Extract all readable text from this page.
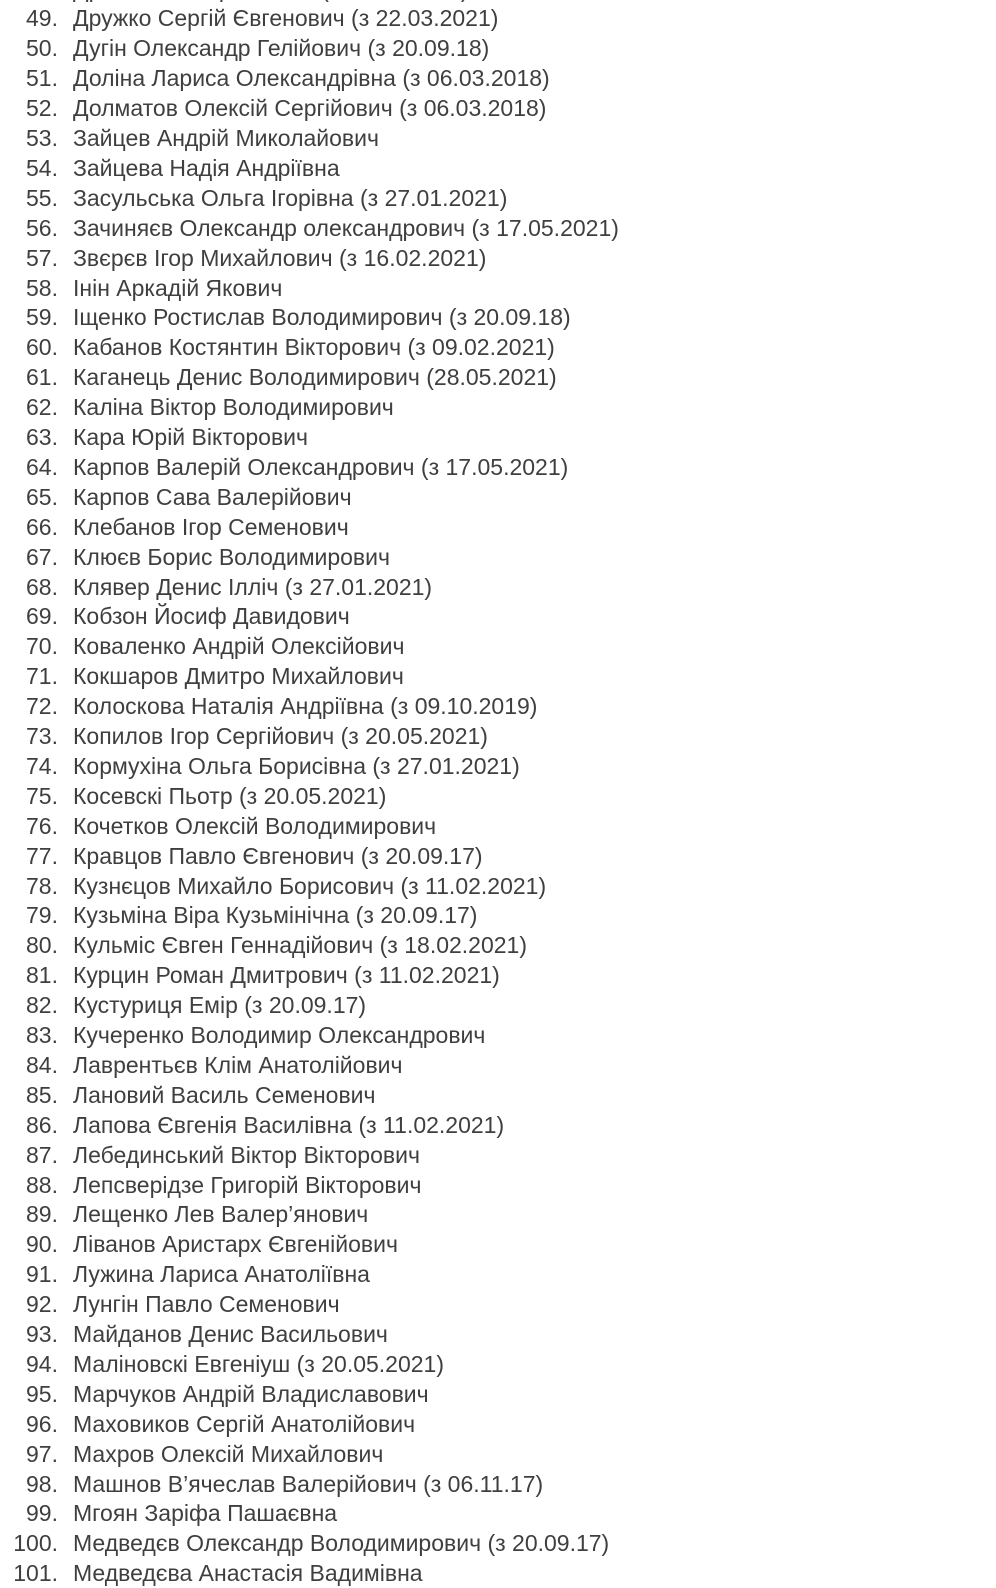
49. Дружко Сергій Євгенович (з 22.03.2021)
50. Дугін Олександр Гелійович (з 20.09.18)
51. Доліна Лариса Олександрівна (з 06.03.2018)
52. Долматов Олексій Сергійович (з 06.03.2018)
53. Зайцев Андрій Миколайович
54. Зайцева Надія Андріївна
55. Засульська Ольга Ігорівна (з 27.01.2021)
56. Зачиняєв Олександр олександрович (з 17.05.2021)
57. Звєрєв Ігор Михайлович (з 16.02.2021)
58. Інін Аркадій Якович
59. Іщенко Ростислав Володимирович (з 20.09.18)
60. Кабанов Костянтин Вікторович (з 09.02.2021)
61. Каганець Денис Володимирович (28.05.2021)
62. Каліна Віктор Володимирович
63. Кара Юрій Вікторович
64. Карпов Валерій Олександрович (з 17.05.2021)
65. Карпов Сава Валерійович
66. Клебанов Ігор Семенович
67. Клюєв Борис Володимирович
68. Клявер Денис Ілліч (з 27.01.2021)
69. Кобзон Йосиф Давидович
70. Коваленко Андрій Олексійович
71. Кокшаров Дмитро Михайлович
72. Колоскова Наталія Андріївна (з 09.10.2019)
73. Копилов Ігор Сергійович (з 20.05.2021)
74. Кормухіна Ольга Борисівна (з 27.01.2021)
75. Косевскі Пьотр (з 20.05.2021)
76. Кочетков Олексій Володимирович
77. Кравцов Павло Євгенович (з 20.09.17)
78. Кузнєцов Михайло Борисович (з 11.02.2021)
79. Кузьміна Віра Кузьмінічна (з 20.09.17)
80. Кульміс Євген Геннадійович (з 18.02.2021)
81. Курцин Роман Дмитрович (з 11.02.2021)
82. Кустуриця Емір (з 20.09.17)
83. Кучеренко Володимир Олександрович
84. Лаврентьєв Клім Анатолійович
85. Лановий Василь Семенович
86. Лапова Євгенія Василівна (з 11.02.2021)
87. Лебединський Віктор Вікторович
88. Лепсверідзе Григорій Вікторович
89. Лещенко Лев Валер’янович
90. Ліванов Аристарх Євгенійович
91. Лужина Лариса Анатоліївна
92. Лунгін Павло Семенович
93. Майданов Денис Васильович
94. Маліновскі Евгеніуш (з 20.05.2021)
95. Марчуков Андрій Владиславович
96. Маховиков Сергій Анатолійович
97. Махров Олексій Михайлович
98. Машнов В’ячеслав Валерійович (з 06.11.17)
99. Мгоян Заріфа Пашаєвна
100. Медведєв Олександр Володимирович (з 20.09.17)
101. Медведєва Анастасія Вадимівна
